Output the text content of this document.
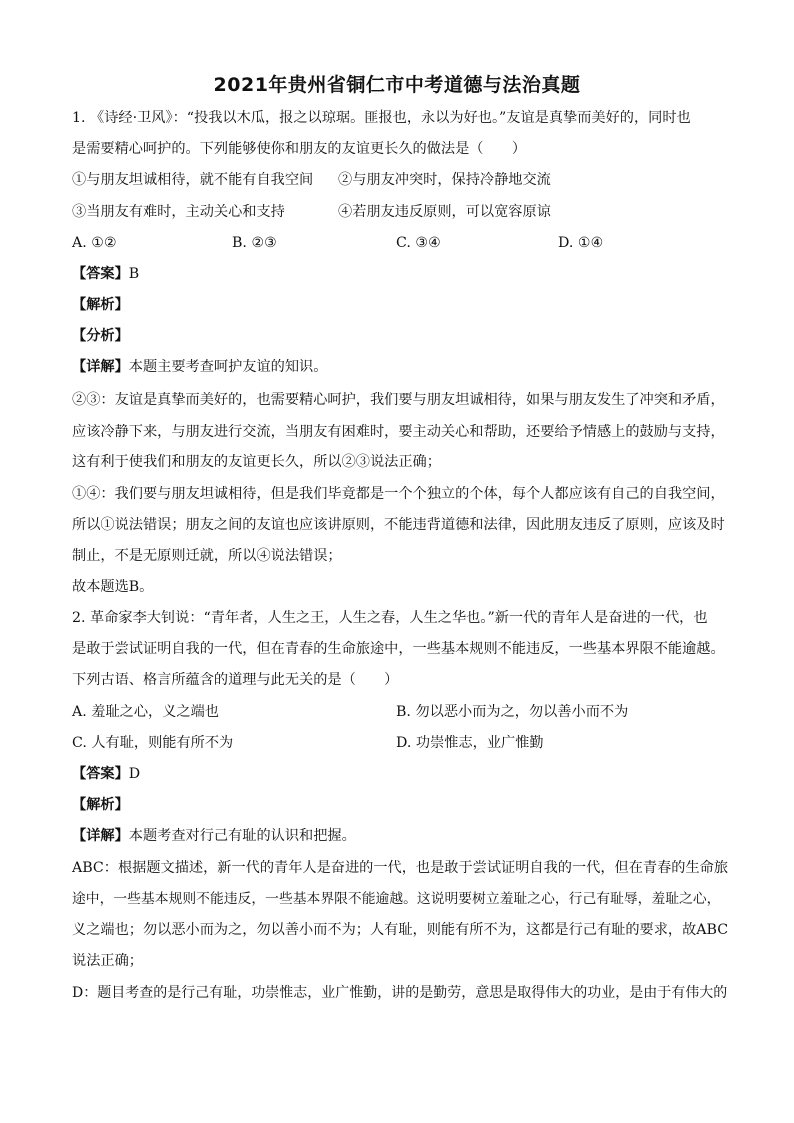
2021年贵州省铜仁市中考道德与法治真题
1. 《诗经·卫风》：“投我以木瓜，报之以琼琚。匪报也，永以为好也。”友谊是真挚而美好的，同时也
是需要精心呵护的。下列能够使你和朋友的友谊更长久的做法是（　　）
①与朋友坦诚相待，就不能有自我空间 ②与朋友冲突时，保持冷静地交流
③当朋友有难时，主动关心和支持	④若朋友违反原则，可以宽容原谅
A. ①②	B. ②③	C. ③④	D. ①④
【答案】B
【解析】
【分析】
【详解】本题主要考查呵护友谊的知识。
②③：友谊是真挚而美好的，也需要精心呵护，我们要与朋友坦诚相待，如果与朋友发生了冲突和矛盾，
应该冷静下来，与朋友进行交流，当朋友有困难时，要主动关心和帮助，还要给予情感上的鼓励与支持，
这有利于使我们和朋友的友谊更长久，所以②③说法正确；
①④：我们要与朋友坦诚相待，但是我们毕竟都是一个个独立的个体，每个人都应该有自己的自我空间，
所以①说法错误；朋友之间的友谊也应该讲原则，不能违背道德和法律，因此朋友违反了原则，应该及时
制止，不是无原则迁就，所以④说法错误；
故本题选B。
2. 革命家李大钊说：“青年者，人生之王，人生之春，人生之华也。”新一代的青年人是奋进的一代，也
是敢于尝试证明自我的一代，但在青春的生命旅途中，一些基本规则不能违反，一些基本界限不能逾越。
下列古语、格言所蕴含的道理与此无关的是（　　）
A. 羞耻之心，义之端也	B. 勿以恶小而为之，勿以善小而不为
C. 人有耻，则能有所不为	D. 功崇惟志，业广惟勤
【答案】D
【解析】
【详解】本题考查对行己有耻的认识和把握。
ABC：根据题文描述，新一代的青年人是奋进的一代，也是敢于尝试证明自我的一代，但在青春的生命旅
途中，一些基本规则不能违反，一些基本界限不能逾越。这说明要树立羞耻之心，行己有耻辱，羞耻之心，
义之端也；勿以恶小而为之，勿以善小而不为；人有耻，则能有所不为，这都是行己有耻的要求，故ABC
说法正确；
D：题目考查的是行己有耻，功崇惟志，业广惟勤，讲的是勤劳，意思是取得伟大的功业，是由于有伟大的
